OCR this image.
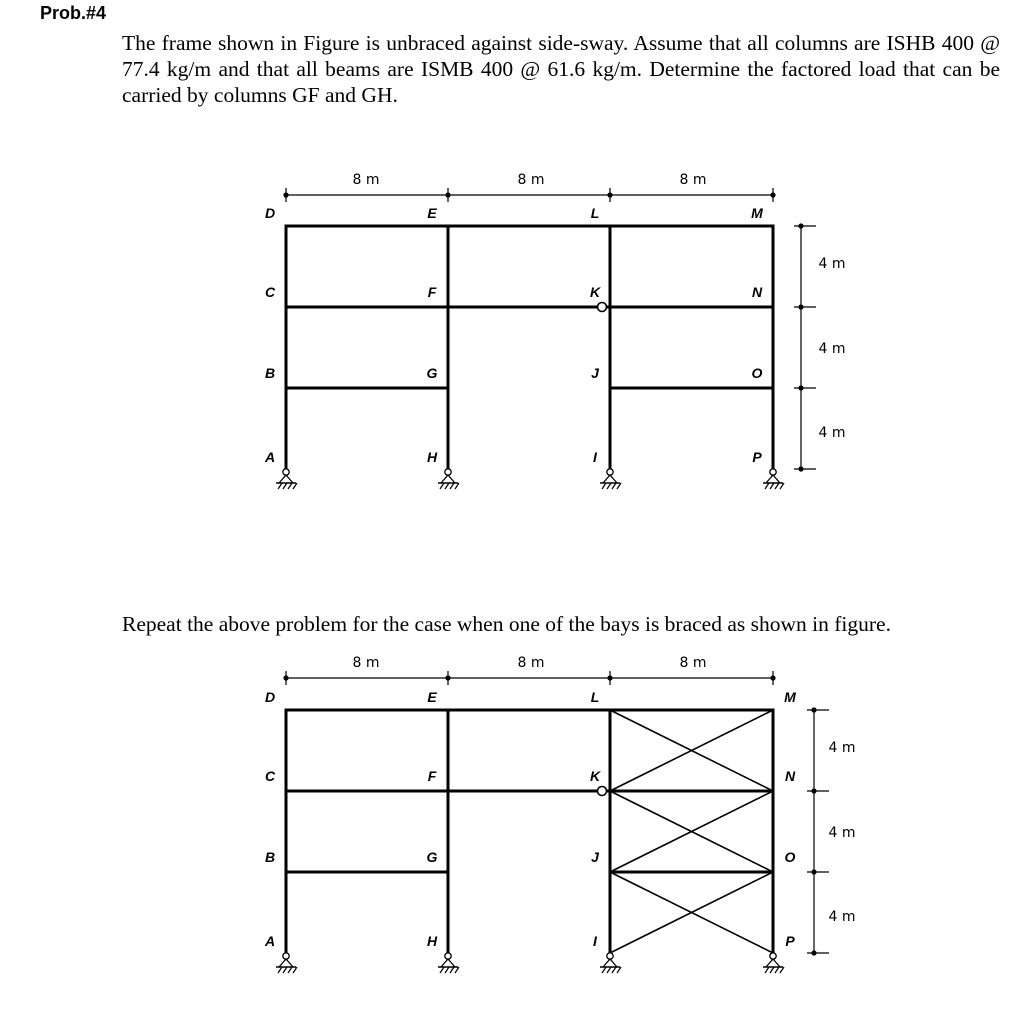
Prob.#4
The frame shown in Figure is unbraced against side-sway. Assume that all columns are ISHB 400 @ 77.4 kg/m and that all beams are ISMB 400 @ 61.6 kg/m. Determine the factored load that can be carried by columns GF and GH.
Repeat the above problem for the case when one of the bays is braced as shown in figure.
8 m	8 m	8 m
4 m
4 m
4 m
D
C
B
A
E
F
G
H
L
K
J
I
M
N
O
P
8 m	8 m	8 m
4 m
4 m
4 m
D
C
B
A
E
F
G
H
L
K
J
I
M
N
O
P
